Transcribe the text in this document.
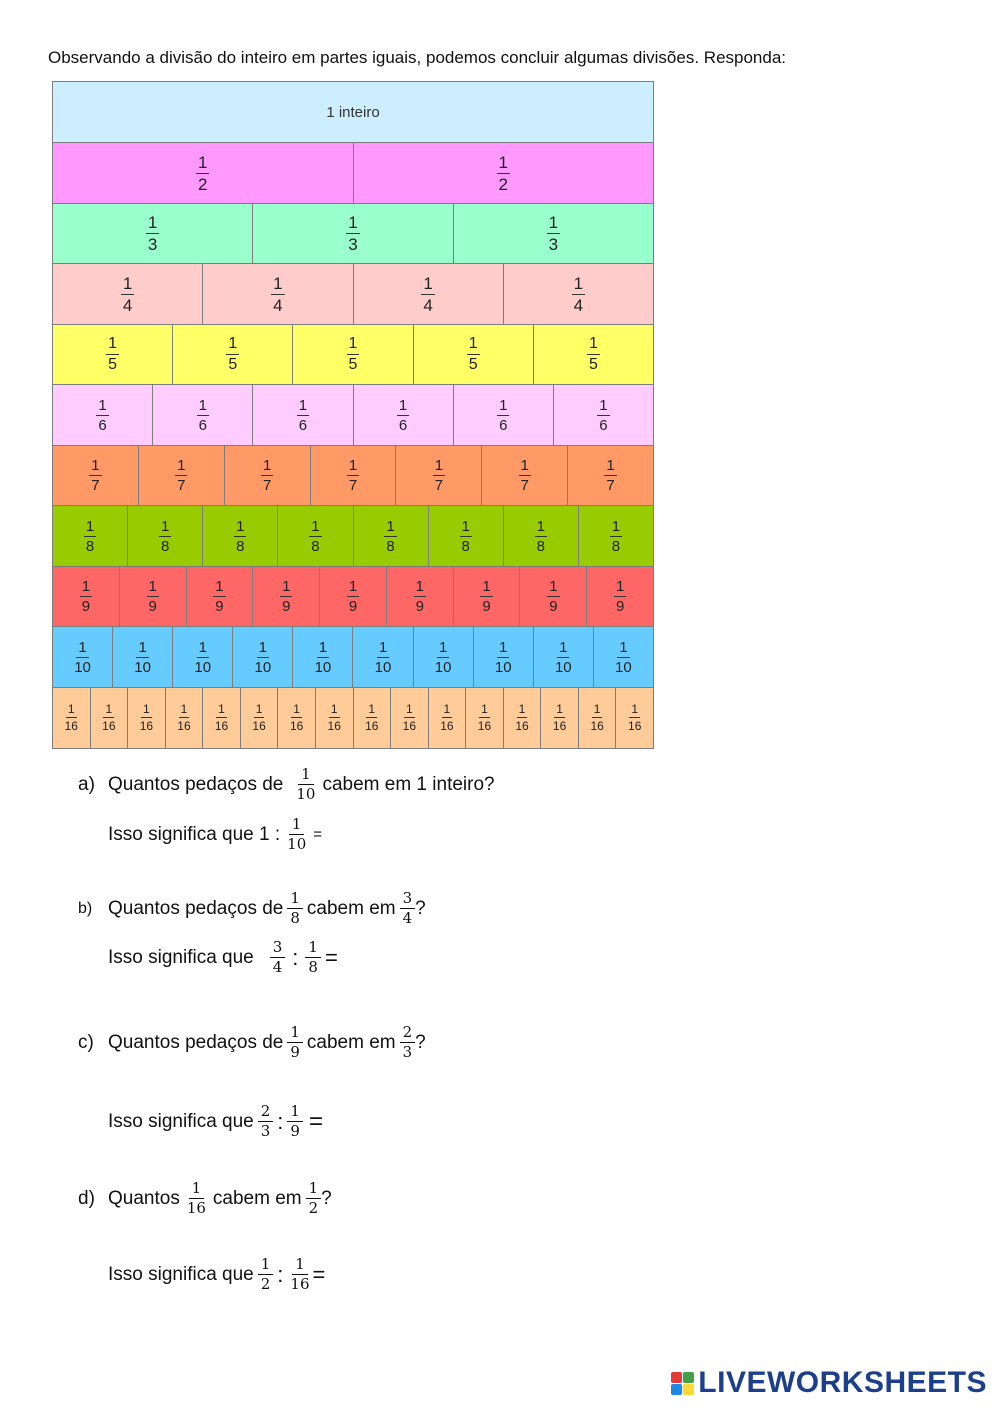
Observando a divisão do inteiro em partes iguais, podemos concluir algumas divisões. Responda:
1 inteiro
1
2
1
2
1
3
1
3
1
3
1
4
1
4
1
4
1
4
1
5
1
5
1
5
1
5
1
5
1
6
1
6
1
6
1
6
1
6
1
6
1
7
1
7
1
7
1
7
1
7
1
7
1
7
1
8
1
8
1
8
1
8
1
8
1
8
1
8
1
8
1
9
1
9
1
9
1
9
1
9
1
9
1
9
1
9
1
9
1
10
1
10
1
10
1
10
1
10
1
10
1
10
1
10
1
10
1
10
1
16
1
16
1
16
1
16
1
16
1
16
1
16
1
16
1
16
1
16
1
16
1
16
1
16
1
16
1
16
1
16
a) Quantos pedaços de $\frac{1}{10}$ cabem em 1 inteiro?
Isso significa que 1 : $\frac{1}{10}$ =
b) Quantos pedaços de $\frac{1}{8}$ cabem em $\frac{3}{4}$ ?
Isso significa que $\frac{3}{4}$ : $\frac{1}{8}$ =
c) Quantos pedaços de $\frac{1}{9}$ cabem em $\frac{2}{3}$ ?
Isso significa que $\frac{2}{3}$ : $\frac{1}{9}$ =
d) Quantos $\frac{1}{16}$ cabem em $\frac{1}{2}$ ?
Isso significa que $\frac{1}{2}$ : $\frac{1}{16}$ =
LIVEWORKSHEETS
